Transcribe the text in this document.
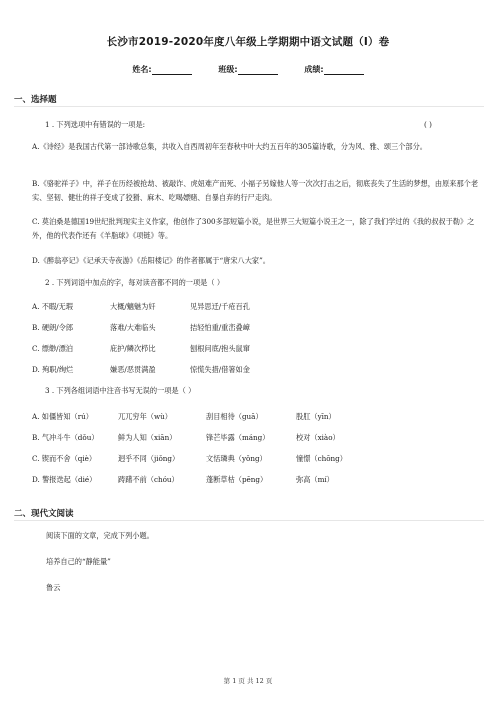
长沙市2019-2020年度八年级上学期期中语文试题（I）卷
姓名:	班级:	成绩:
一、选择题
1 . 下列选项中有错误的一项是:	( )
A.《诗经》是我国古代第一部诗歌总集，共收入自西周初年至春秋中叶大约五百年的305篇诗歌，分为风、雅、颂三个部分。
B.《骆驼祥子》中，祥子在历经被抢劫、被敲诈、虎妞难产而死、小福子另嫁他人等一次次打击之后，彻底丧失了生活的梦想，由原来那个老实、坚韧、健壮的祥子变成了狡猾、麻木、吃喝嫖赌、自暴自弃的行尸走肉。
C. 莫泊桑是德国19世纪批判现实主义作家，他创作了300多部短篇小说，是世界三大短篇小说王之一，除了我们学过的《我的叔叔于勒》之外，他的代表作还有《羊脂球》《项链》等。
D.《醉翁亭记》《记承天寺夜游》《岳阳楼记》的作者都属于“唐宋八大家”。
2 . 下列词语中加点的字，每对读音都不同的一项是（ ）
A. 不暇/无瑕	大概/魑魅为奸	见异思迁/千疮百孔
B. 硬朗/令郎	落难/大难临头	拮轻怕重/重峦叠嶂
C. 缥缈/漂泊	庇护/鳞次栉比	刨根问底/抱头鼠窜
D. 殉职/绚烂	嫌恶/恶贯满盈	惊慌失措/借箸如金
3 . 下列各组词语中注音书写无误的一项是（ ）
A. 如僵皆知（rú）	兀兀穷年（wù）	刮目相待（guā）	股肛（yīn）
B. 气冲斗牛（dǒu）	鲜为人知（xiān）	锋芒毕露（máng）	校对（xiào）
C. 锲而不舍（qiè）	迥乎不同（jiǒng）	文恬璘典（yǒng）	憧憬（chōng）
D. 警报迭起（dié）	踌躇不前（chóu）	蓬断草枯（pēng）	弥高（mí）
二、现代文阅读
阅读下面的文章，完成下列小题。
培养自己的“静能量”
鲁云
第 1 页 共 12 页
